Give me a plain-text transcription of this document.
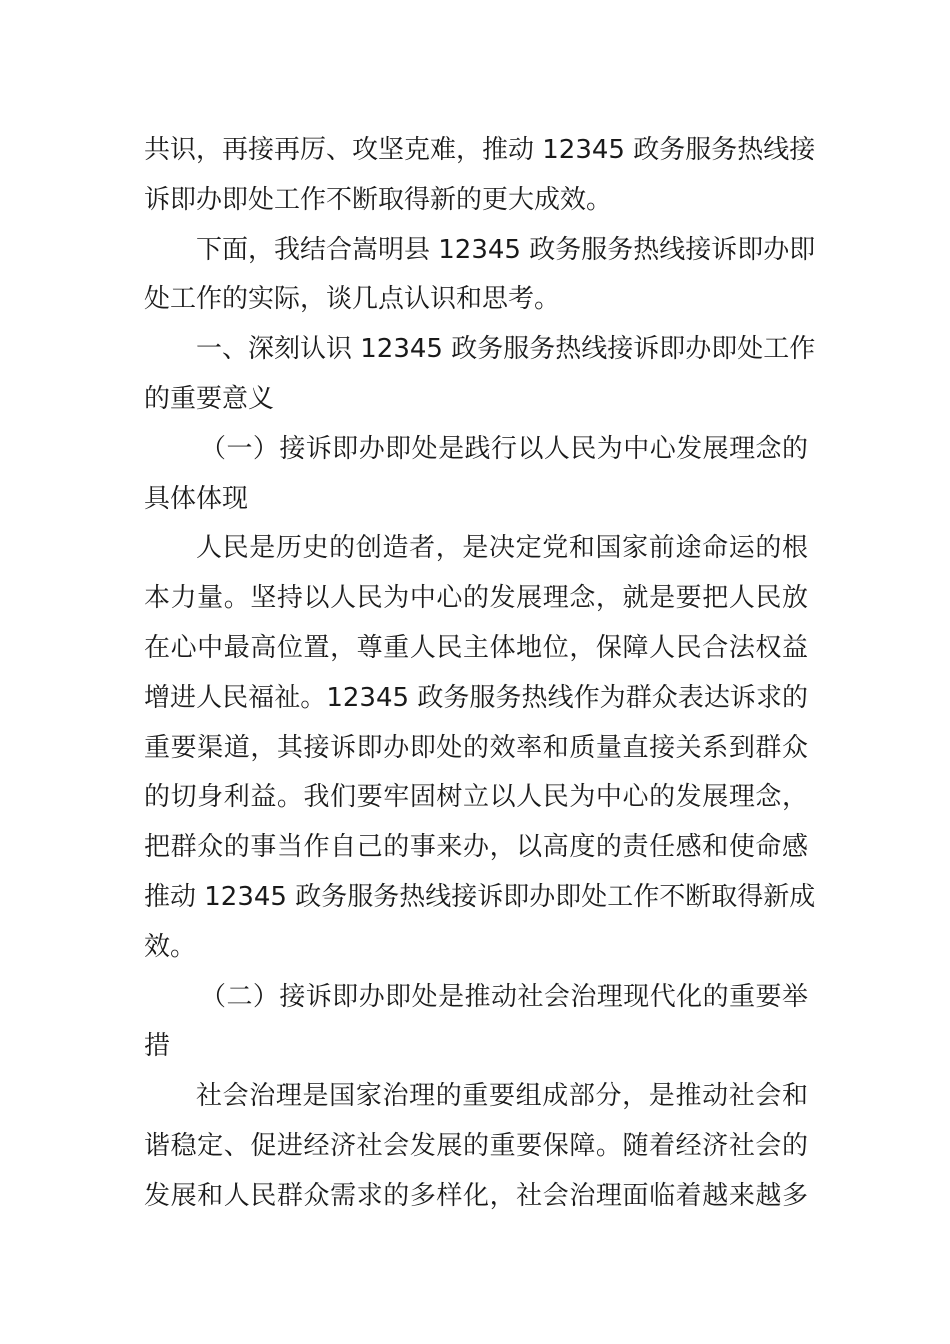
共识，再接再厉、攻坚克难，推动 12345 政务服务热线接
诉即办即处工作不断取得新的更大成效。
下面，我结合嵩明县 12345 政务服务热线接诉即办即
处工作的实际，谈几点认识和思考。
一、深刻认识 12345 政务服务热线接诉即办即处工作
的重要意义
（一）接诉即办即处是践行以人民为中心发展理念的
具体体现
人民是历史的创造者，是决定党和国家前途命运的根
本力量。坚持以人民为中心的发展理念，就是要把人民放
在心中最高位置，尊重人民主体地位，保障人民合法权益
增进人民福祉。12345 政务服务热线作为群众表达诉求的
重要渠道，其接诉即办即处的效率和质量直接关系到群众
的切身利益。我们要牢固树立以人民为中心的发展理念，
把群众的事当作自己的事来办，以高度的责任感和使命感
推动 12345 政务服务热线接诉即办即处工作不断取得新成
效。
（二）接诉即办即处是推动社会治理现代化的重要举
措
社会治理是国家治理的重要组成部分，是推动社会和
谐稳定、促进经济社会发展的重要保障。随着经济社会的
发展和人民群众需求的多样化，社会治理面临着越来越多
